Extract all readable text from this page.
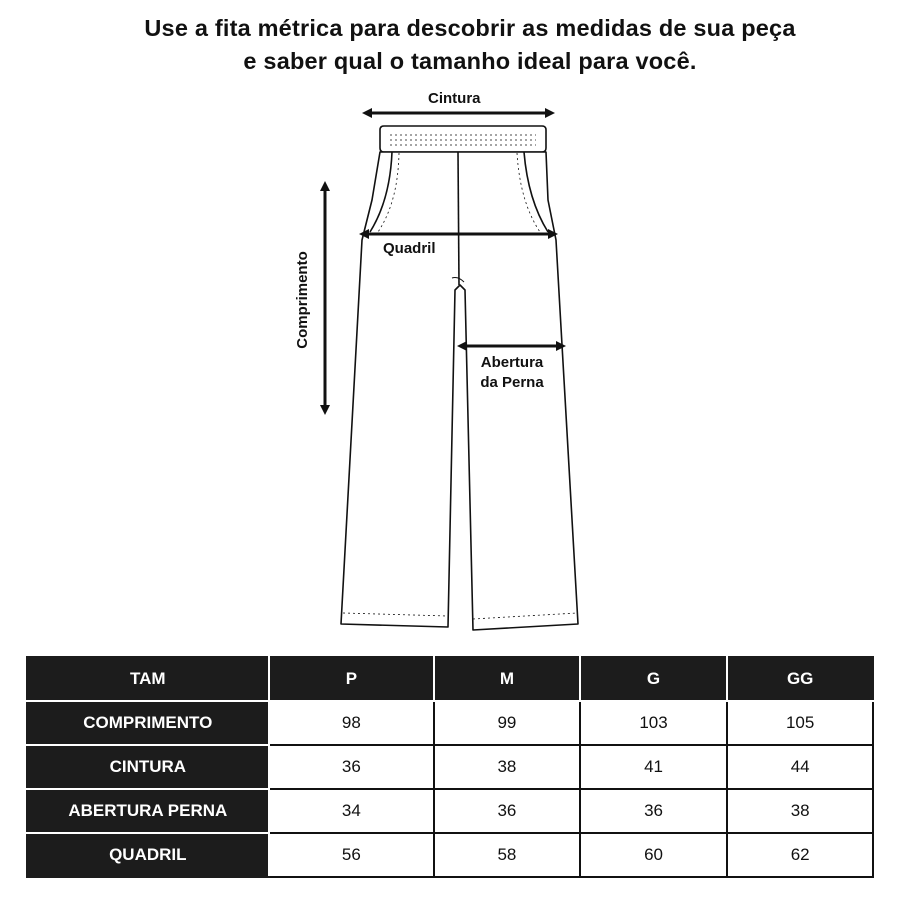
Use a fita métrica para descobrir as medidas de sua peça
e saber qual o tamanho ideal para você.
Cintura
Quadril
Comprimento
Abertura
da Perna
TAM	P	M	G	GG
COMPRIMENTO	98	99	103	105
CINTURA	36	38	41	44
ABERTURA PERNA	34	36	36	38
QUADRIL	56	58	60	62
